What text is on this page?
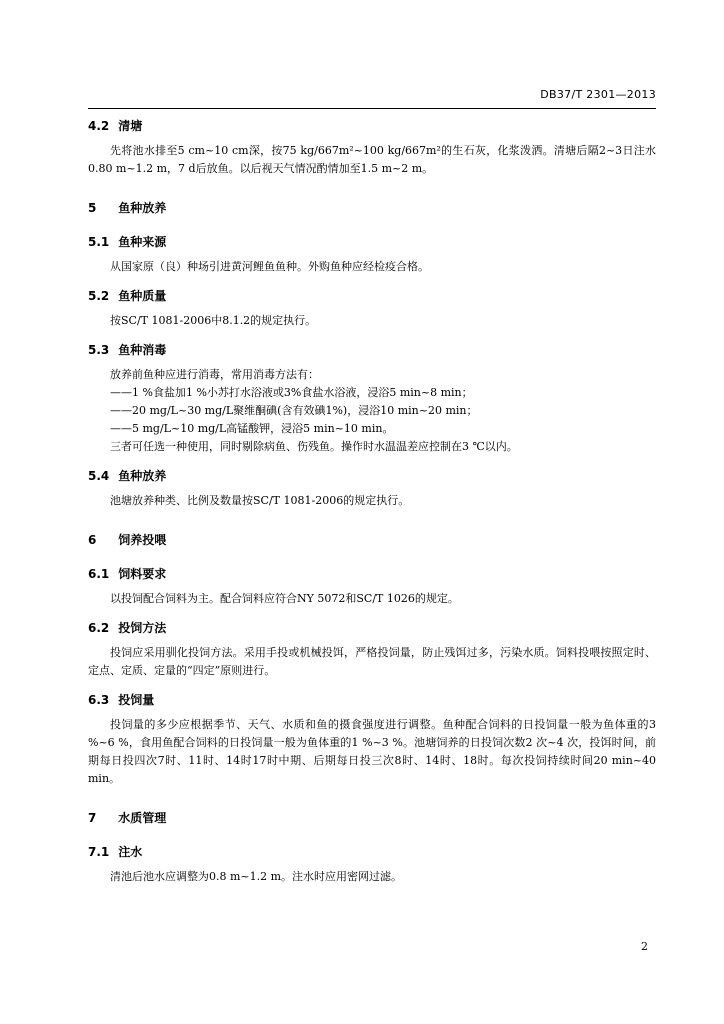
DB37/T 2301—2013
4.2 清塘

先将池水排至5 cm~10 cm深，按75 kg/667m²~100 kg/667m²的生石灰，化浆泼洒。清塘后隔2~3日注水0.80 m~1.2 m，7 d后放鱼。以后视天气情况酌情加至1.5 m~2 m。

5 鱼种放养
5.1 鱼种来源

从国家原（良）种场引进黄河鲤鱼鱼种。外购鱼种应经检疫合格。

5.2 鱼种质量

按SC/T 1081-2006中8.1.2的规定执行。

5.3 鱼种消毒

放养前鱼种应进行消毒，常用消毒方法有：

——1 %食盐加1 %小苏打水浴液或3%食盐水浴液，浸浴5 min~8 min；

——20 mg/L~30 mg/L聚维酮碘(含有效碘1%)，浸浴10 min~20 min；

——5 mg/L~10 mg/L高锰酸钾，浸浴5 min~10 min。

三者可任选一种使用，同时剔除病鱼、伤残鱼。操作时水温温差应控制在3 ℃以内。

5.4 鱼种放养

池塘放养种类、比例及数量按SC/T 1081-2006的规定执行。

6 饲养投喂
6.1 饲料要求

以投饲配合饲料为主。配合饲料应符合NY 5072和SC/T 1026的规定。

6.2 投饲方法

投饲应采用驯化投饲方法。采用手投或机械投饵，严格投饲量，防止残饵过多，污染水质。饲料投喂按照定时、定点、定质、定量的“四定”原则进行。

6.3 投饲量

投饲量的多少应根据季节、天气、水质和鱼的摄食强度进行调整。鱼种配合饲料的日投饲量一般为鱼体重的3 %~6 %，食用鱼配合饲料的日投饲量一般为鱼体重的1 %~3 %。池塘饲养的日投饲次数2 次~4 次，投饵时间，前期每日投四次7时、11时、14时17时中期、后期每日投三次8时、14时、18时。每次投饲持续时间20 min~40 min。

7 水质管理
7.1 注水

清池后池水应调整为0.8 m~1.2 m。注水时应用密网过滤。

2
